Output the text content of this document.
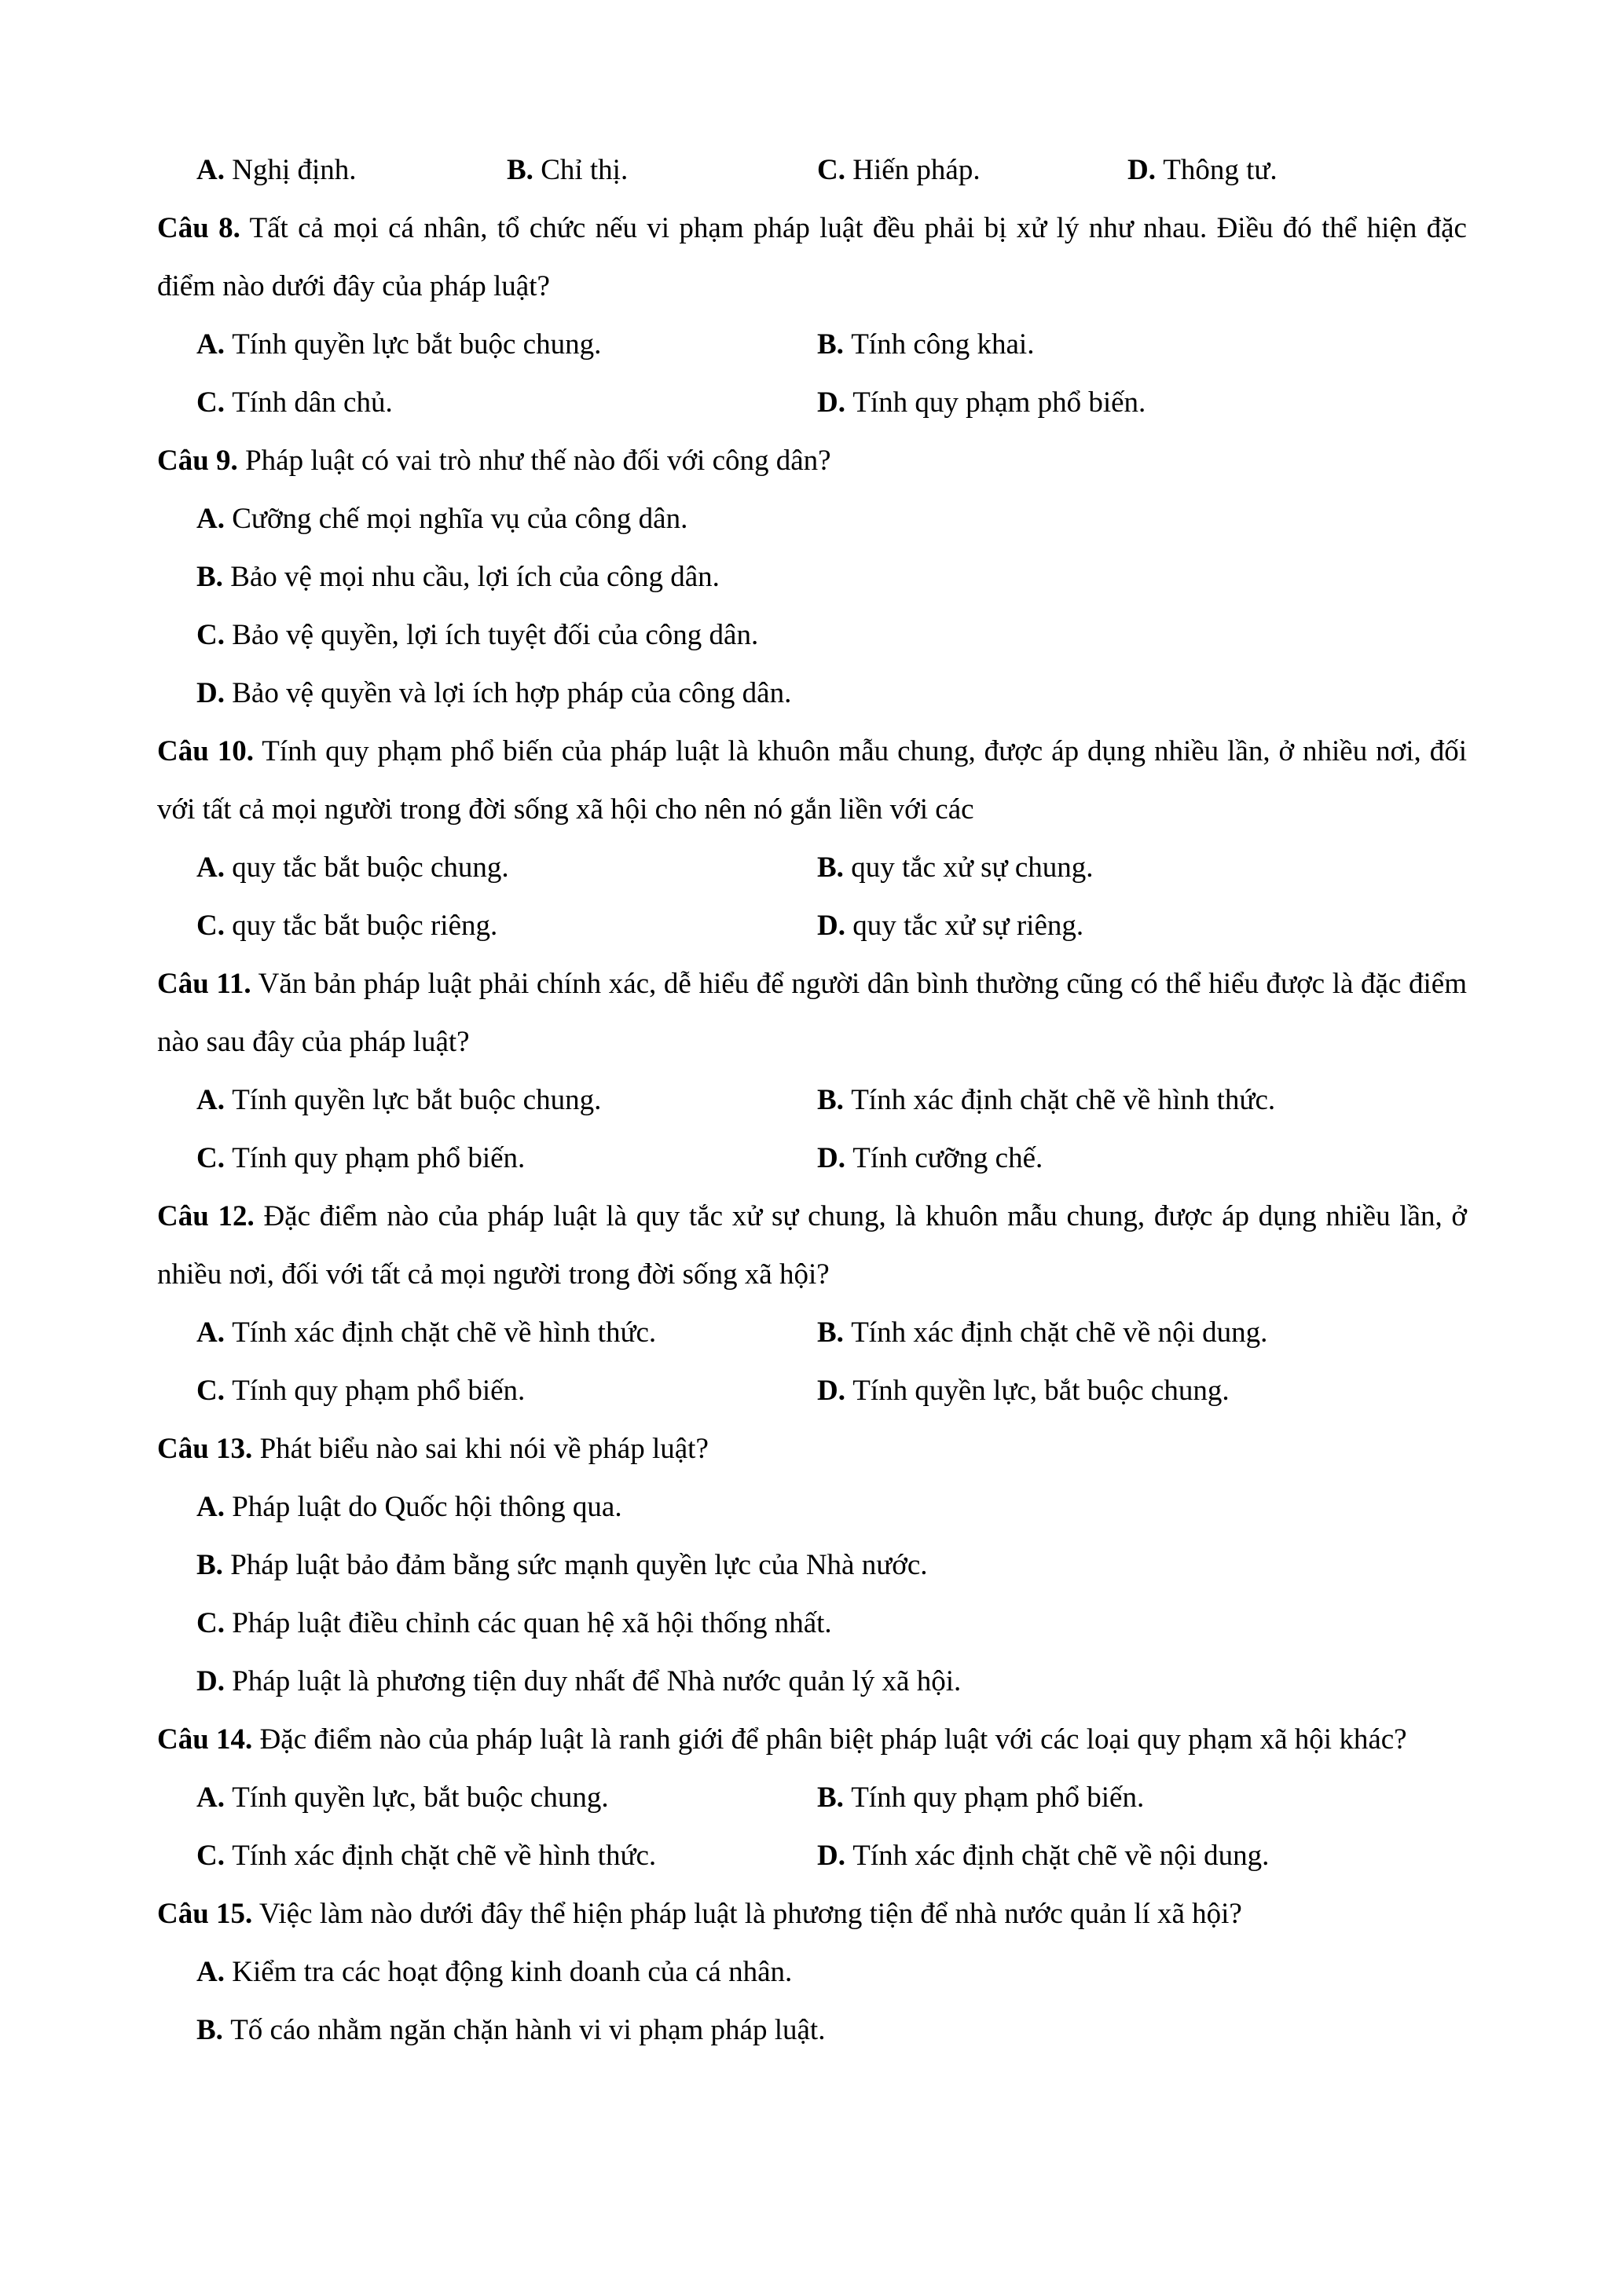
A. Nghị định.	B. Chỉ thị.	C. Hiến pháp.	D. Thông tư.

Câu 8. Tất cả mọi cá nhân, tổ chức nếu vi phạm pháp luật đều phải bị xử lý như nhau. Điều đó thể hiện đặc điểm nào dưới đây của pháp luật?

A. Tính quyền lực bắt buộc chung.	B. Tính công khai.
C. Tính dân chủ.	D. Tính quy phạm phổ biến.

Câu 9. Pháp luật có vai trò như thế nào đối với công dân?

A. Cưỡng chế mọi nghĩa vụ của công dân.
B. Bảo vệ mọi nhu cầu, lợi ích của công dân.
C. Bảo vệ quyền, lợi ích tuyệt đối của công dân.
D. Bảo vệ quyền và lợi ích hợp pháp của công dân.

Câu 10. Tính quy phạm phổ biến của pháp luật là khuôn mẫu chung, được áp dụng nhiều lần, ở nhiều nơi, đối với tất cả mọi người trong đời sống xã hội cho nên nó gắn liền với các

A. quy tắc bắt buộc chung.	B. quy tắc xử sự chung.
C. quy tắc bắt buộc riêng.	D. quy tắc xử sự riêng.

Câu 11. Văn bản pháp luật phải chính xác, dễ hiểu để người dân bình thường cũng có thể hiểu được là đặc điểm nào sau đây của pháp luật?

A. Tính quyền lực bắt buộc chung.	B. Tính xác định chặt chẽ về hình thức.
C. Tính quy phạm phổ biến.	D. Tính cưỡng chế.

Câu 12. Đặc điểm nào của pháp luật là quy tắc xử sự chung, là khuôn mẫu chung, được áp dụng nhiều lần, ở nhiều nơi, đối với tất cả mọi người trong đời sống xã hội?

A. Tính xác định chặt chẽ về hình thức.	B. Tính xác định chặt chẽ về nội dung.
C. Tính quy phạm phổ biến.	D. Tính quyền lực, bắt buộc chung.

Câu 13. Phát biểu nào sai khi nói về pháp luật?

A. Pháp luật do Quốc hội thông qua.
B. Pháp luật bảo đảm bằng sức mạnh quyền lực của Nhà nước.
C. Pháp luật điều chỉnh các quan hệ xã hội thống nhất.
D. Pháp luật là phương tiện duy nhất để Nhà nước quản lý xã hội.

Câu 14. Đặc điểm nào của pháp luật là ranh giới để phân biệt pháp luật với các loại quy phạm xã hội khác?

A. Tính quyền lực, bắt buộc chung.	B. Tính quy phạm phổ biến.
C. Tính xác định chặt chẽ về hình thức.	D. Tính xác định chặt chẽ về nội dung.

Câu 15. Việc làm nào dưới đây thể hiện pháp luật là phương tiện để nhà nước quản lí xã hội?

A. Kiểm tra các hoạt động kinh doanh của cá nhân.
B. Tố cáo nhằm ngăn chặn hành vi vi phạm pháp luật.
